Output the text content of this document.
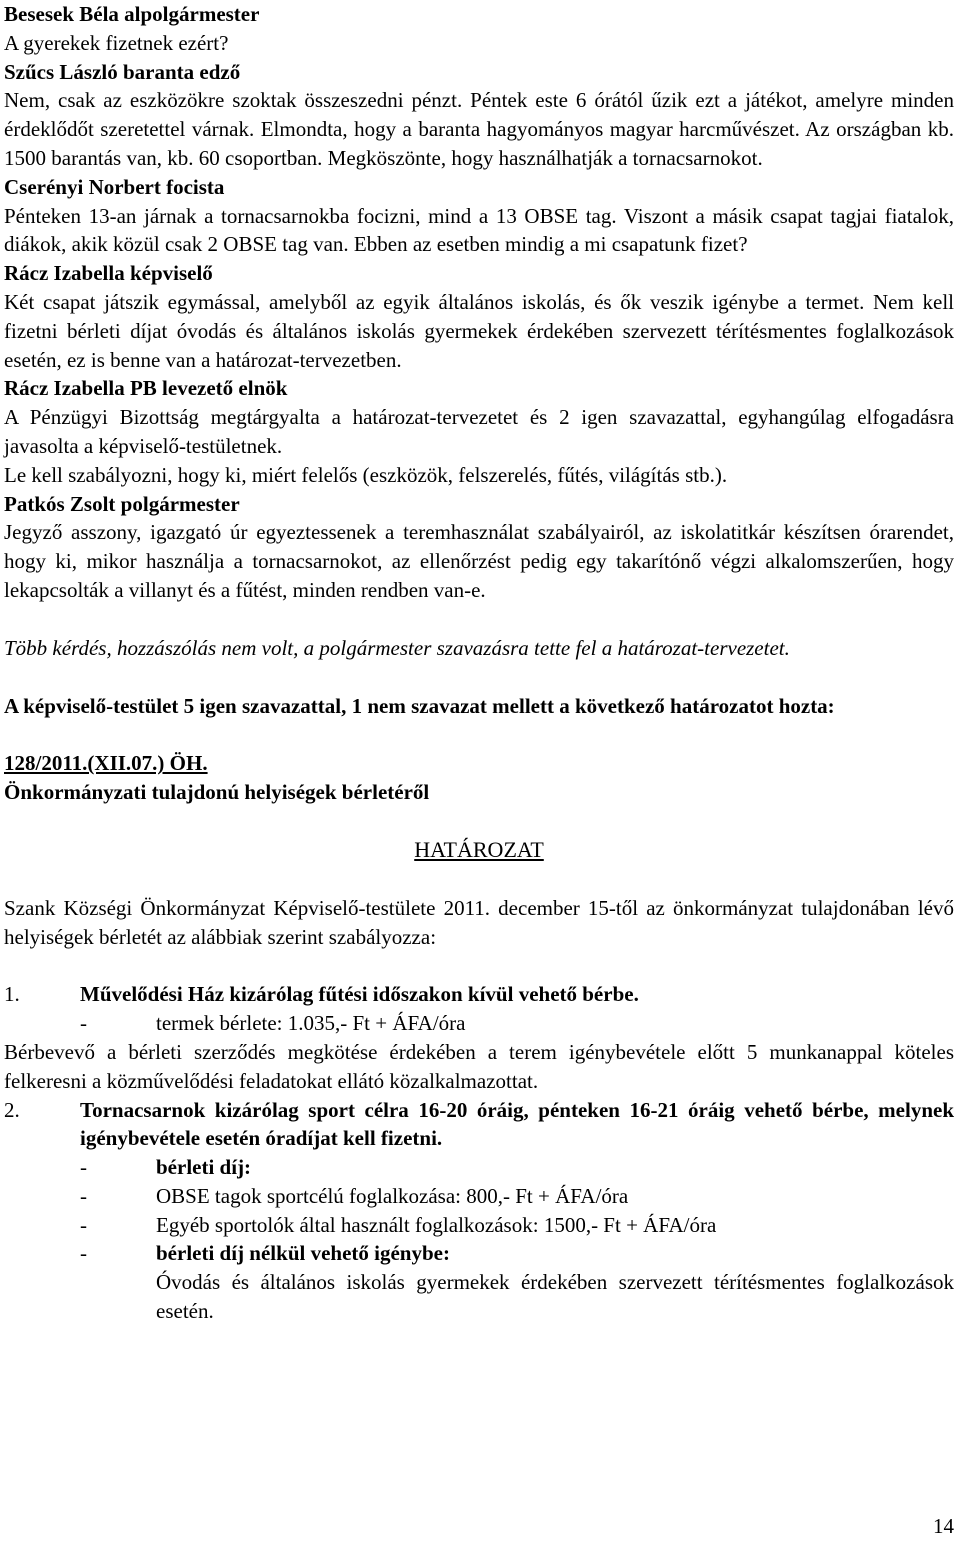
Besesek Béla alpolgármester

A gyerekek fizetnek ezért?

Szűcs László baranta edző

Nem, csak az eszközökre szoktak összeszedni pénzt. Péntek este 6 órától űzik ezt a játékot, amelyre minden érdeklődőt szeretettel várnak. Elmondta, hogy a baranta hagyományos magyar harcművészet. Az országban kb. 1500 barantás van, kb. 60 csoportban. Megköszönte, hogy használhatják a tornacsarnokot.

Cserényi Norbert focista

Pénteken 13-an járnak a tornacsarnokba focizni, mind a 13 OBSE tag. Viszont a másik csapat tagjai fiatalok, diákok, akik közül csak 2 OBSE tag van. Ebben az esetben mindig a mi csapatunk fizet?

Rácz Izabella képviselő

Két csapat játszik egymással, amelyből az egyik általános iskolás, és ők veszik igénybe a termet. Nem kell fizetni bérleti díjat óvodás és általános iskolás gyermekek érdekében szervezett térítésmentes foglalkozások esetén, ez is benne van a határozat-tervezetben.

Rácz Izabella PB levezető elnök

A Pénzügyi Bizottság megtárgyalta a határozat-tervezetet és 2 igen szavazattal, egyhangúlag elfogadásra javasolta a képviselő-testületnek.

Le kell szabályozni, hogy ki, miért felelős (eszközök, felszerelés, fűtés, világítás stb.).

Patkós Zsolt polgármester

Jegyző asszony, igazgató úr egyeztessenek a teremhasználat szabályairól, az iskolatitkár készítsen órarendet, hogy ki, mikor használja a tornacsarnokot, az ellenőrzést pedig egy takarítónő végzi alkalomszerűen, hogy lekapcsolták a villanyt és a fűtést, minden rendben van-e.

Több kérdés, hozzászólás nem volt, a polgármester szavazásra tette fel a határozat-tervezetet.

A képviselő-testület 5 igen szavazattal, 1 nem szavazat mellett a következő határozatot hozta:

128/2011.(XII.07.) ÖH.

Önkormányzati tulajdonú helyiségek bérletéről

HATÁROZAT

Szank Községi Önkormányzat Képviselő-testülete 2011. december 15-től az önkormányzat tulajdonában lévő helyiségek bérletét az alábbiak szerint szabályozza:

1.	Művelődési Ház kizárólag fűtési időszakon kívül vehető bérbe.
-	termek bérlete: 1.035,- Ft + ÁFA/óra

Bérbevevő a bérleti szerződés megkötése érdekében a terem igénybevétele előtt 5 munkanappal köteles felkeresni a közművelődési feladatokat ellátó közalkalmazottat.

2.	Tornacsarnok kizárólag sport célra 16-20 óráig, pénteken 16-21 óráig vehető bérbe, melynek igénybevétele esetén óradíjat kell fizetni.
-	bérleti díj:
-	OBSE tagok sportcélú foglalkozása: 800,- Ft + ÁFA/óra
-	Egyéb sportolók által használt foglalkozások: 1500,- Ft + ÁFA/óra
-	bérleti díj nélkül vehető igénybe:

Óvodás és általános iskolás gyermekek érdekében szervezett térítésmentes foglalkozások esetén.

14
